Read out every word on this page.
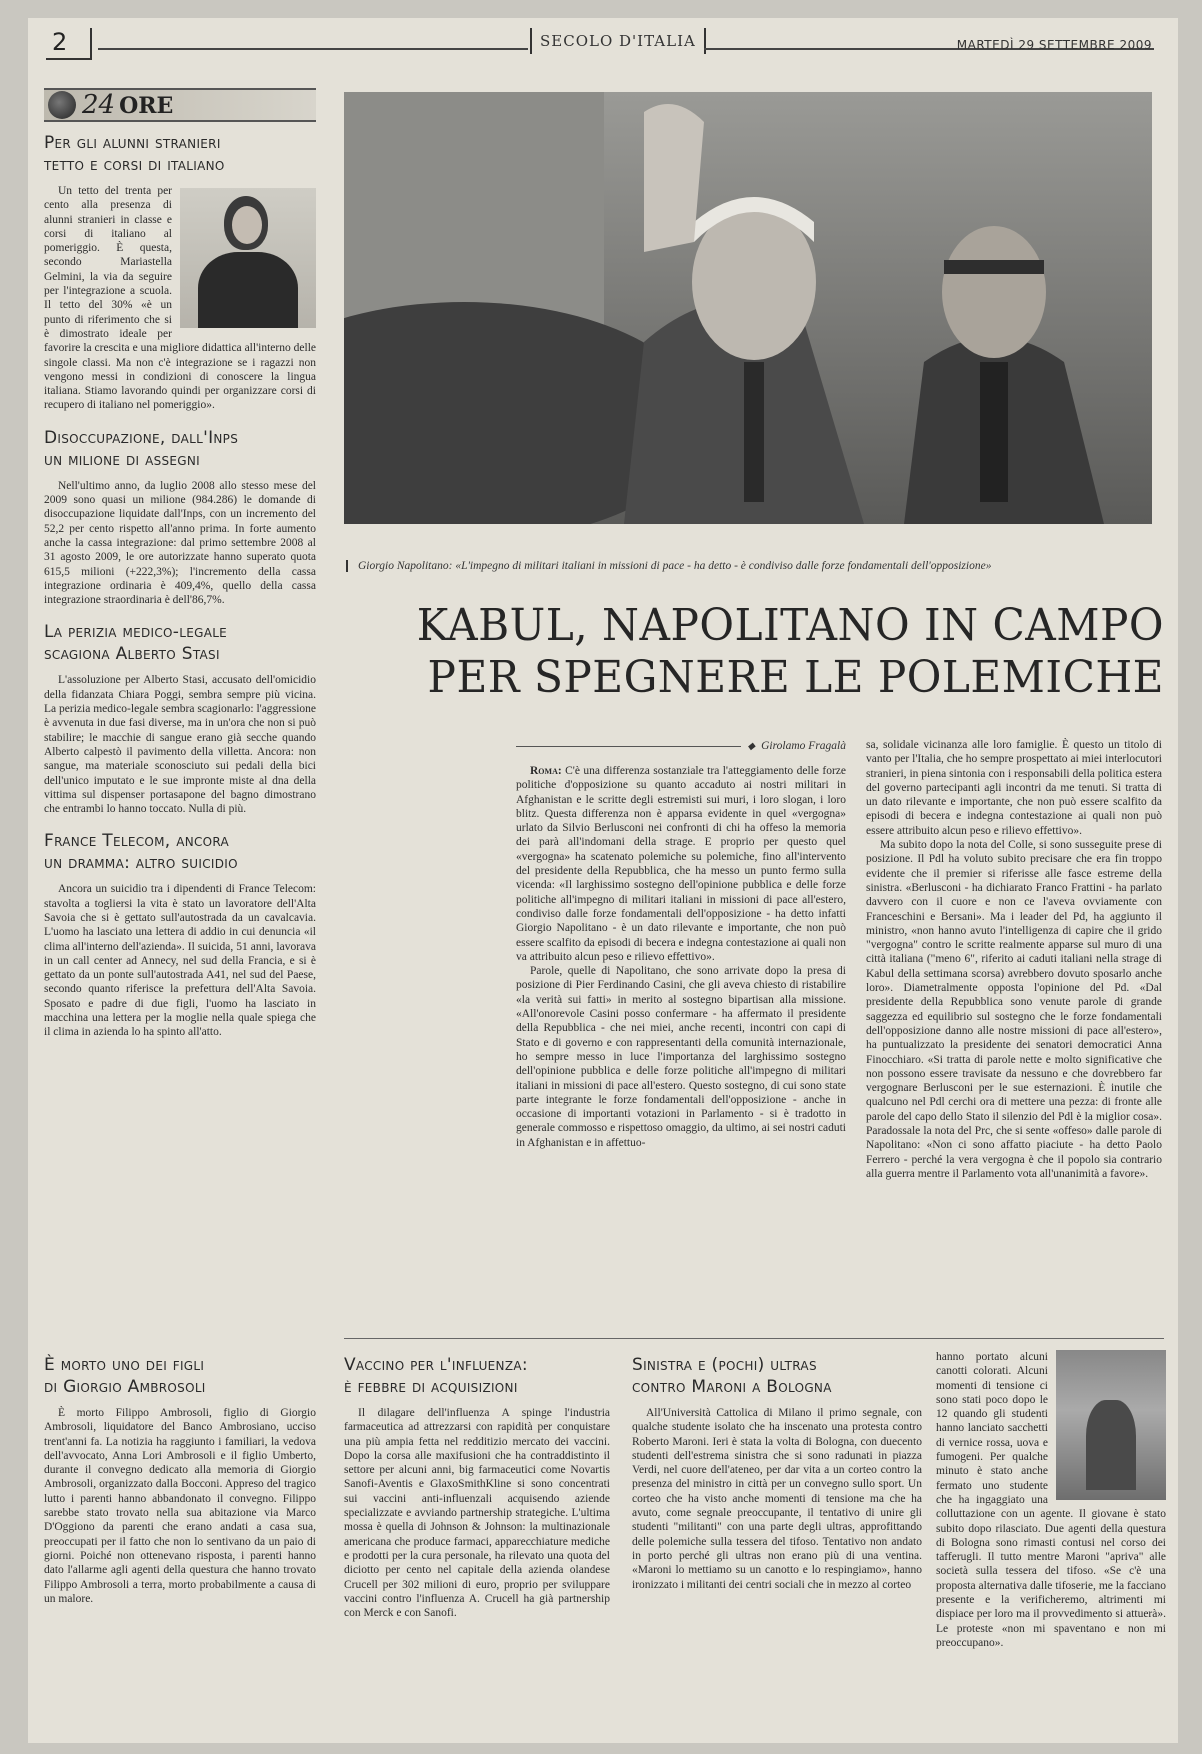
2	SECOLO D'ITALIA	MARTEDÌ 29 SETTEMBRE 2009
24 ORE
Per gli alunni stranieri
tetto e corsi di italiano

Un tetto del trenta per cento alla presenza di alunni stranieri in classe e corsi di italiano al pomeriggio. È questa, secondo Mariastella Gelmini, la via da seguire per l'integrazione a scuola. Il tetto del 30% «è un punto di riferimento che si è dimostrato ideale per favorire la crescita e una migliore didattica all'interno delle singole classi. Ma non c'è integrazione se i ragazzi non vengono messi in condizioni di conoscere la lingua italiana. Stiamo lavorando quindi per organizzare corsi di recupero di italiano nel pomeriggio».

Disoccupazione, dall'Inps
un milione di assegni

Nell'ultimo anno, da luglio 2008 allo stesso mese del 2009 sono quasi un milione (984.286) le domande di disoccupazione liquidate dall'Inps, con un incremento del 52,2 per cento rispetto all'anno prima. In forte aumento anche la cassa integrazione: dal primo settembre 2008 al 31 agosto 2009, le ore autorizzate hanno superato quota 615,5 milioni (+222,3%); l'incremento della cassa integrazione ordinaria è 409,4%, quello della cassa integrazione straordinaria è dell'86,7%.

La perizia medico-legale
scagiona Alberto Stasi

L'assoluzione per Alberto Stasi, accusato dell'omicidio della fidanzata Chiara Poggi, sembra sempre più vicina. La perizia medico-legale sembra scagionarlo: l'aggressione è avvenuta in due fasi diverse, ma in un'ora che non si può stabilire; le macchie di sangue erano già secche quando Alberto calpestò il pavimento della villetta. Ancora: non sangue, ma materiale sconosciuto sui pedali della bici dell'unico imputato e le sue impronte miste al dna della vittima sul dispenser portasapone del bagno dimostrano che entrambi lo hanno toccato. Nulla di più.

France Telecom, ancora
un dramma: altro suicidio

Ancora un suicidio tra i dipendenti di France Telecom: stavolta a togliersi la vita è stato un lavoratore dell'Alta Savoia che si è gettato sull'autostrada da un cavalcavia. L'uomo ha lasciato una lettera di addio in cui denuncia «il clima all'interno dell'azienda». Il suicida, 51 anni, lavorava in un call center ad Annecy, nel sud della Francia, e si è gettato da un ponte sull'autostrada A41, nel sud del Paese, secondo quanto riferisce la prefettura dell'Alta Savoia. Sposato e padre di due figli, l'uomo ha lasciato in macchina una lettera per la moglie nella quale spiega che il clima in azienda lo ha spinto all'atto.

Giorgio Napolitano: «L'impegno di militari italiani in missioni di pace - ha detto - è condiviso dalle forze fondamentali dell'opposizione»
KABUL, NAPOLITANO IN CAMPO
PER SPEGNERE LE POLEMICHE
◆ Girolamo Fragalà

Roma: C'è una differenza sostanziale tra l'atteggiamento delle forze politiche d'opposizione su quanto accaduto ai nostri militari in Afghanistan e le scritte degli estremisti sui muri, i loro slogan, i loro blitz. Questa differenza non è apparsa evidente in quel «vergogna» urlato da Silvio Berlusconi nei confronti di chi ha offeso la memoria dei parà all'indomani della strage. E proprio per questo quel «vergogna» ha scatenato polemiche su polemiche, fino all'intervento del presidente della Repubblica, che ha messo un punto fermo sulla vicenda: «Il larghissimo sostegno dell'opinione pubblica e delle forze politiche all'impegno di militari italiani in missioni di pace all'estero, condiviso dalle forze fondamentali dell'opposizione - ha detto infatti Giorgio Napolitano - è un dato rilevante e importante, che non può essere scalfito da episodi di becera e indegna contestazione ai quali non va attribuito alcun peso e rilievo effettivo».

Parole, quelle di Napolitano, che sono arrivate dopo la presa di posizione di Pier Ferdinando Casini, che gli aveva chiesto di ristabilire «la verità sui fatti» in merito al sostegno bipartisan alla missione. «All'onorevole Casini posso confermare - ha affermato il presidente della Repubblica - che nei miei, anche recenti, incontri con capi di Stato e di governo e con rappresentanti della comunità internazionale, ho sempre messo in luce l'importanza del larghissimo sostegno dell'opinione pubblica e delle forze politiche all'impegno di militari italiani in missioni di pace all'estero. Questo sostegno, di cui sono state parte integrante le forze fondamentali dell'opposizione - anche in occasione di importanti votazioni in Parlamento - si è tradotto in generale commosso e rispettoso omaggio, da ultimo, ai sei nostri caduti in Afghanistan e in affettuo-

sa, solidale vicinanza alle loro famiglie. È questo un titolo di vanto per l'Italia, che ho sempre prospettato ai miei interlocutori stranieri, in piena sintonia con i responsabili della politica estera del governo partecipanti agli incontri da me tenuti. Si tratta di un dato rilevante e importante, che non può essere scalfito da episodi di becera e indegna contestazione ai quali non può essere attribuito alcun peso e rilievo effettivo».

Ma subito dopo la nota del Colle, si sono susseguite prese di posizione. Il Pdl ha voluto subito precisare che era fin troppo evidente che il premier si riferisse alle fasce estreme della sinistra. «Berlusconi - ha dichiarato Franco Frattini - ha parlato davvero con il cuore e non ce l'aveva ovviamente con Franceschini e Bersani». Ma i leader del Pd, ha aggiunto il ministro, «non hanno avuto l'intelligenza di capire che il grido "vergogna" contro le scritte realmente apparse sul muro di una città italiana ("meno 6", riferito ai caduti italiani nella strage di Kabul della settimana scorsa) avrebbero dovuto sposarlo anche loro». Diametralmente opposta l'opinione del Pd. «Dal presidente della Repubblica sono venute parole di grande saggezza ed equilibrio sul sostegno che le forze fondamentali dell'opposizione danno alle nostre missioni di pace all'estero», ha puntualizzato la presidente dei senatori democratici Anna Finocchiaro. «Si tratta di parole nette e molto significative che non possono essere travisate da nessuno e che dovrebbero far vergognare Berlusconi per le sue esternazioni. È inutile che qualcuno nel Pdl cerchi ora di mettere una pezza: di fronte alle parole del capo dello Stato il silenzio del Pdl è la miglior cosa». Paradossale la nota del Prc, che si sente «offeso» dalle parole di Napolitano: «Non ci sono affatto piaciute - ha detto Paolo Ferrero - perché la vera vergogna è che il popolo sia contrario alla guerra mentre il Parlamento vota all'unanimità a favore».

È morto uno dei figli
di Giorgio Ambrosoli

È morto Filippo Ambrosoli, figlio di Giorgio Ambrosoli, liquidatore del Banco Ambrosiano, ucciso trent'anni fa. La notizia ha raggiunto i familiari, la vedova dell'avvocato, Anna Lori Ambrosoli e il figlio Umberto, durante il convegno dedicato alla memoria di Giorgio Ambrosoli, organizzato dalla Bocconi. Appreso del tragico lutto i parenti hanno abbandonato il convegno. Filippo sarebbe stato trovato nella sua abitazione via Marco D'Oggiono da parenti che erano andati a casa sua, preoccupati per il fatto che non lo sentivano da un paio di giorni. Poiché non ottenevano risposta, i parenti hanno dato l'allarme agli agenti della questura che hanno trovato Filippo Ambrosoli a terra, morto probabilmente a causa di un malore.

Vaccino per l'influenza:
è febbre di acquisizioni

Il dilagare dell'influenza A spinge l'industria farmaceutica ad attrezzarsi con rapidità per conquistare una più ampia fetta nel redditizio mercato dei vaccini. Dopo la corsa alle maxifusioni che ha contraddistinto il settore per alcuni anni, big farmaceutici come Novartis Sanofi-Aventis e GlaxoSmithKline si sono concentrati sui vaccini anti-influenzali acquisendo aziende specializzate e avviando partnership strategiche. L'ultima mossa è quella di Johnson & Johnson: la multinazionale americana che produce farmaci, apparecchiature mediche e prodotti per la cura personale, ha rilevato una quota del diciotto per cento nel capitale della azienda olandese Crucell per 302 milioni di euro, proprio per sviluppare vaccini contro l'influenza A. Crucell ha già partnership con Merck e con Sanofi.

Sinistra e (pochi) ultras
contro Maroni a Bologna

All'Università Cattolica di Milano il primo segnale, con qualche studente isolato che ha inscenato una protesta contro Roberto Maroni. Ieri è stata la volta di Bologna, con duecento studenti dell'estrema sinistra che si sono radunati in piazza Verdi, nel cuore dell'ateneo, per dar vita a un corteo contro la presenza del ministro in città per un convegno sullo sport. Un corteo che ha visto anche momenti di tensione ma che ha avuto, come segnale preoccupante, il tentativo di unire gli studenti "militanti" con una parte degli ultras, approfittando delle polemiche sulla tessera del tifoso. Tentativo non andato in porto perché gli ultras non erano più di una ventina. «Maroni lo mettiamo su un canotto e lo respingiamo», hanno ironizzato i militanti dei centri sociali che in mezzo al corteo

hanno portato alcuni canotti colorati. Alcuni momenti di tensione ci sono stati poco dopo le 12 quando gli studenti hanno lanciato sacchetti di vernice rossa, uova e fumogeni. Per qualche minuto è stato anche fermato uno studente che ha ingaggiato una colluttazione con un agente. Il giovane è stato subito dopo rilasciato. Due agenti della questura di Bologna sono rimasti contusi nel corso dei tafferugli. Il tutto mentre Maroni "apriva" alle società sulla tessera del tifoso. «Se c'è una proposta alternativa dalle tifoserie, me la facciano presente e la verificheremo, altrimenti mi dispiace per loro ma il provvedimento si attuerà». Le proteste «non mi spaventano e non mi preoccupano».
